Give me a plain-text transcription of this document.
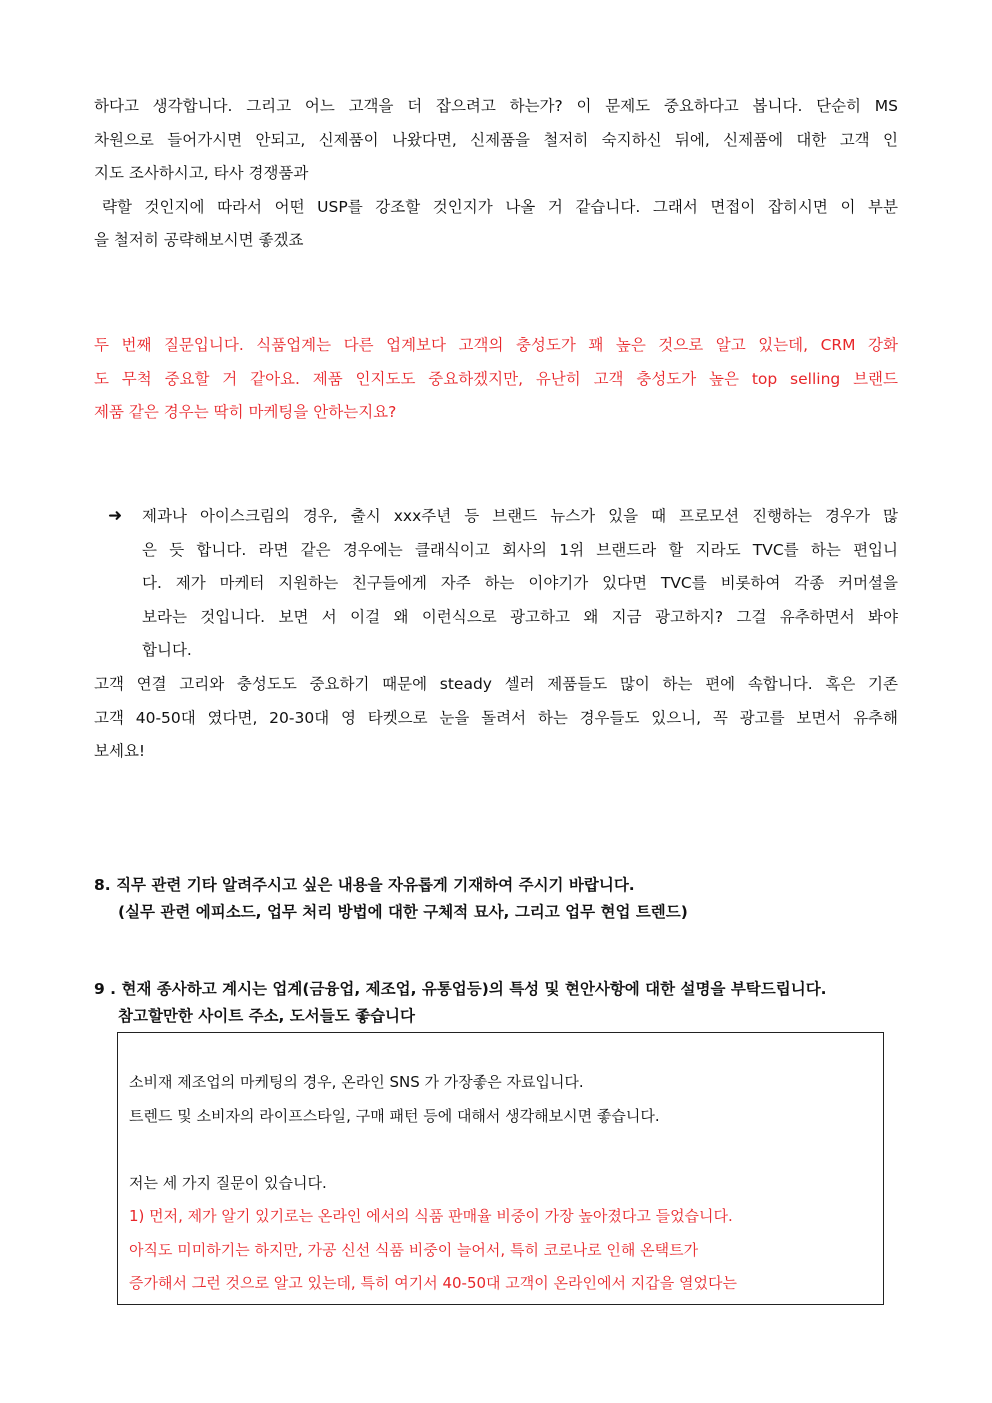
하다고 생각합니다. 그리고 어느 고객을 더 잡으려고 하는가? 이 문제도 중요하다고 봅니다. 단순히 MS
차원으로 들어가시면 안되고, 신제품이 나왔다면, 신제품을 철저히 숙지하신 뒤에, 신제품에 대한 고객 인
지도 조사하시고, 타사 경쟁품과
략할 것인지에 따라서 어떤 USP를 강조할 것인지가 나올 거 같습니다. 그래서 면접이 잡히시면 이 부분
을 철저히 공략해보시면 좋겠죠
두 번째 질문입니다. 식품업계는 다른 업계보다 고객의 충성도가 꽤 높은 것으로 알고 있는데, CRM 강화
도 무척 중요할 거 같아요. 제품 인지도도 중요하겠지만, 유난히 고객 충성도가 높은 top selling 브랜드
제품 같은 경우는 딱히 마케팅을 안하는지요?
➜ 제과나 아이스크림의 경우, 출시 xxx주년 등 브랜드 뉴스가 있을 때 프로모션 진행하는 경우가 많
은 듯 합니다. 라면 같은 경우에는 클래식이고 회사의 1위 브랜드라 할 지라도 TVC를 하는 편입니
다. 제가 마케터 지원하는 친구들에게 자주 하는 이야기가 있다면 TVC를 비롯하여 각종 커머셜을
보라는 것입니다. 보면 서 이걸 왜 이런식으로 광고하고 왜 지금 광고하지? 그걸 유추하면서 봐야
합니다.
고객 연결 고리와 충성도도 중요하기 때문에 steady 셀러 제품들도 많이 하는 편에 속합니다. 혹은 기존
고객 40-50대 였다면, 20-30대 영 타켓으로 눈을 돌려서 하는 경우들도 있으니, 꼭 광고를 보면서 유추해
보세요!
8. 직무 관련 기타 알려주시고 싶은 내용을 자유롭게 기재하여 주시기 바랍니다.
(실무 관련 에피소드, 업무 처리 방법에 대한 구체적 묘사, 그리고 업무 현업 트렌드)
9 . 현재 종사하고 계시는 업계(금융업, 제조업, 유통업등)의 특성 및 현안사항에 대한 설명을 부탁드립니다.
참고할만한 사이트 주소, 도서들도 좋습니다
소비재 제조업의 마케팅의 경우, 온라인 SNS 가 가장좋은 자료입니다.
트렌드 및 소비자의 라이프스타일, 구매 패턴 등에 대해서 생각해보시면 좋습니다.
저는 세 가지 질문이 있습니다.
1) 먼저, 제가 알기 있기로는 온라인 에서의 식품 판매율 비중이 가장 높아졌다고 들었습니다.
아직도 미미하기는 하지만, 가공 신선 식품 비중이 늘어서, 특히 코로나로 인해 온택트가
증가해서 그런 것으로 알고 있는데, 특히 여기서 40-50대 고객이 온라인에서 지갑을 열었다는
